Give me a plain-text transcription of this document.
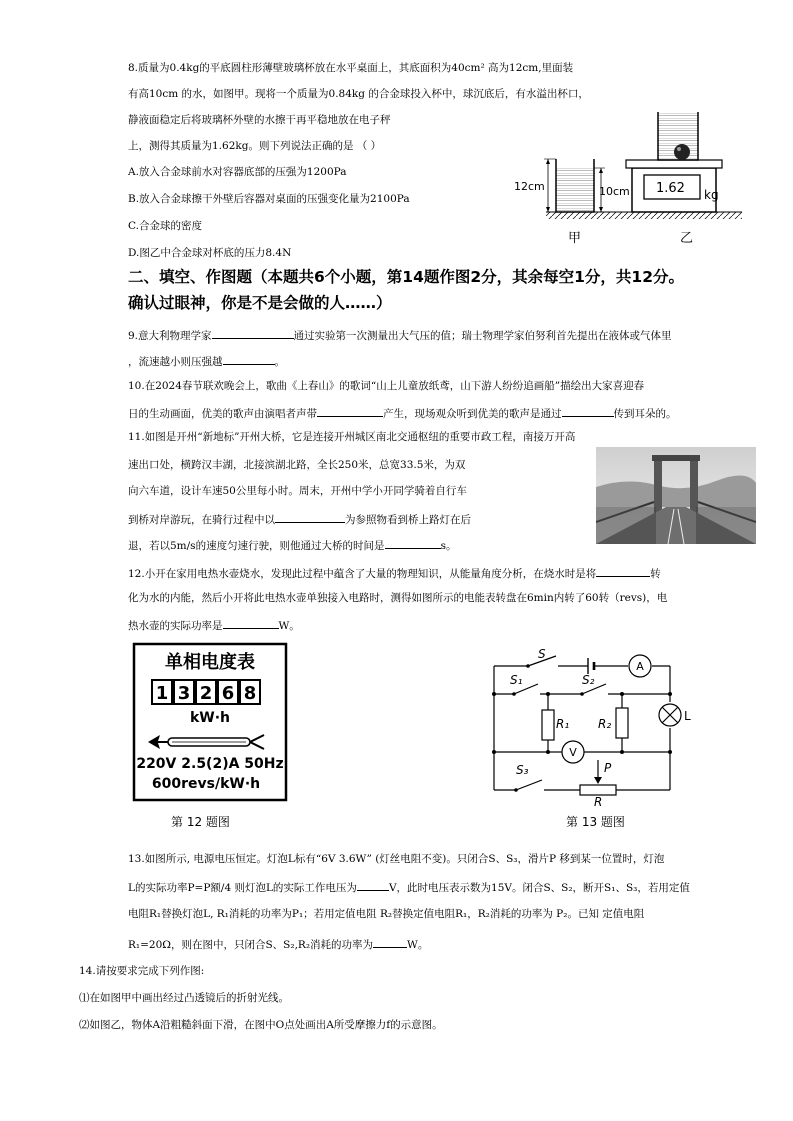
8.质量为0.4kg的平底圆柱形薄壁玻璃杯放在水平桌面上，其底面积为40cm² 高为12cm,里面装
有高10cm 的水，如图甲。现将一个质量为0.84kg 的合金球投入杯中，球沉底后，有水溢出杯口，
静液面稳定后将玻璃杯外壁的水擦干再平稳地放在电子秤
上，测得其质量为1.62kg。则下列说法正确的是 （ ）
A.放入合金球前水对容器底部的压强为1200Pa
B.放入合金球擦干外壁后容器对桌面的压强变化量为2100Pa
C.合金球的密度
D.图乙中合金球对杯底的压力8.4N
12cm	10cm 1.62 kg
甲	乙
二、填空、作图题（本题共6个小题，第14题作图2分，其余每空1分，共12分。
确认过眼神，你是不是会做的人……）
9.意大利物理学家	通过实验第一次测量出大气压的值；瑞士物理学家伯努利首先提出在液体或气体里
，流速越小则压强越	。
10.在2024春节联欢晚会上，歌曲《上春山》的歌词“山上儿童放纸鸢，山下游人纷纷追画船”描绘出大家喜迎春
日的生动画面，优美的歌声由演唱者声带	产生，现场观众听到优美的歌声是通过	传到耳朵的。
11.如图是开州“新地标”开州大桥，它是连接开州城区南北交通枢纽的重要市政工程，南接万开高
速出口处，横跨汉丰湖，北接滨湖北路，全长250米，总宽33.5米，为双
向六车道，设计车速50公里每小时。周末，开州中学小开同学骑着自行车
到桥对岸游玩，在骑行过程中以	为参照物看到桥上路灯在后
退，若以5m/s的速度匀速行驶，则他通过大桥的时间是	s。
12.小开在家用电热水壶烧水，发现此过程中蕴含了大量的物理知识，从能量角度分析，在烧水时是将	转
化为水的内能，然后小开将此电热水壶单独接入电路时，测得如图所示的电能表转盘在6min内转了60转（revs)，电
热水壶的实际功率是	W。
单相电度表
1 3 2 6 8
kW·h
220V 2.5(2)A 50Hz
600revs/kW·h
第 12 题图
A
L
V
S
S₁	S₂
S₃
R₁ R₂
P
R
第 13 题图
13.如图所示, 电源电压恒定。灯泡L标有“6V 3.6W” (灯丝电阻不变)。只闭合S、S₃，滑片P 移到某一位置时，灯泡
L的实际功率P=P额/4 则灯泡L的实际工作电压为	V，此时电压表示数为15V。闭合S、S₂，断开S₁、S₃，若用定值
电阻R₁替换灯泡L, R₁消耗的功率为P₁；若用定值电阻 R₂替换定值电阻R₁，R₂消耗的功率为 P₂。已知 定值电阻
R₁=20Ω，则在图中，只闭合S、S₂,R₂消耗的功率为	W。
14.请按要求完成下列作图:
⑴在如图甲中画出经过凸透镜后的折射光线。
⑵如图乙，物体A沿粗糙斜面下滑，在图中O点处画出A所受摩擦力f的示意图。
